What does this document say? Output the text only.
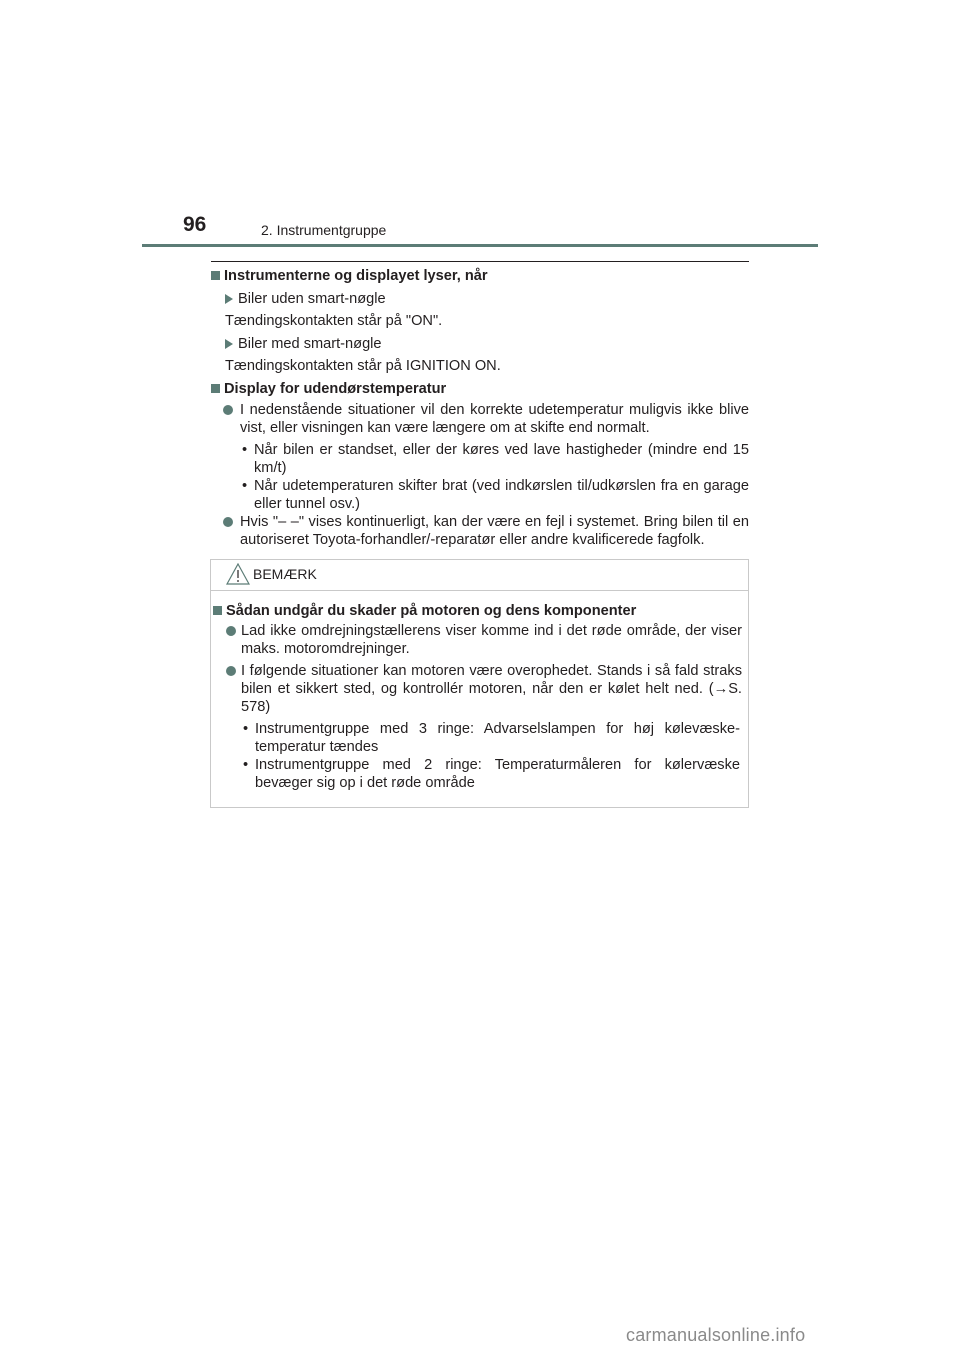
96	2. Instrumentgruppe
Instrumenterne og displayet lyser, når
Biler uden smart-nøgle
Tændingskontakten står på "ON".
Biler med smart-nøgle
Tændingskontakten står på IGNITION ON.
Display for udendørstemperatur
I nedenstående situationer vil den korrekte udetemperatur muligvis ikke blive vist, eller visningen kan være længere om at skifte end normalt.
• Når bilen er standset, eller der køres ved lave hastigheder (mindre end 15 km/t)
• Når udetemperaturen skifter brat (ved indkørslen til/udkørslen fra en garage eller tunnel osv.)
Hvis "– –" vises kontinuerligt, kan der være en fejl i systemet. Bring bilen til en autoriseret Toyota-forhandler/-reparatør eller andre kvalificerede fagfolk.
BEMÆRK
Sådan undgår du skader på motoren og dens komponenter
Lad ikke omdrejningstællerens viser komme ind i det røde område, der viser maks. motoromdrejninger.
I følgende situationer kan motoren være overophedet. Stands i så fald straks bilen et sikkert sted, og kontrollér motoren, når den er kølet helt ned. (→S. 578)
• Instrumentgruppe med 3 ringe: Advarselslampen for høj kølevæske-temperatur tændes
• Instrumentgruppe med 2 ringe: Temperaturmåleren for kølervæske bevæger sig op i det røde område
carmanualsonline.info
